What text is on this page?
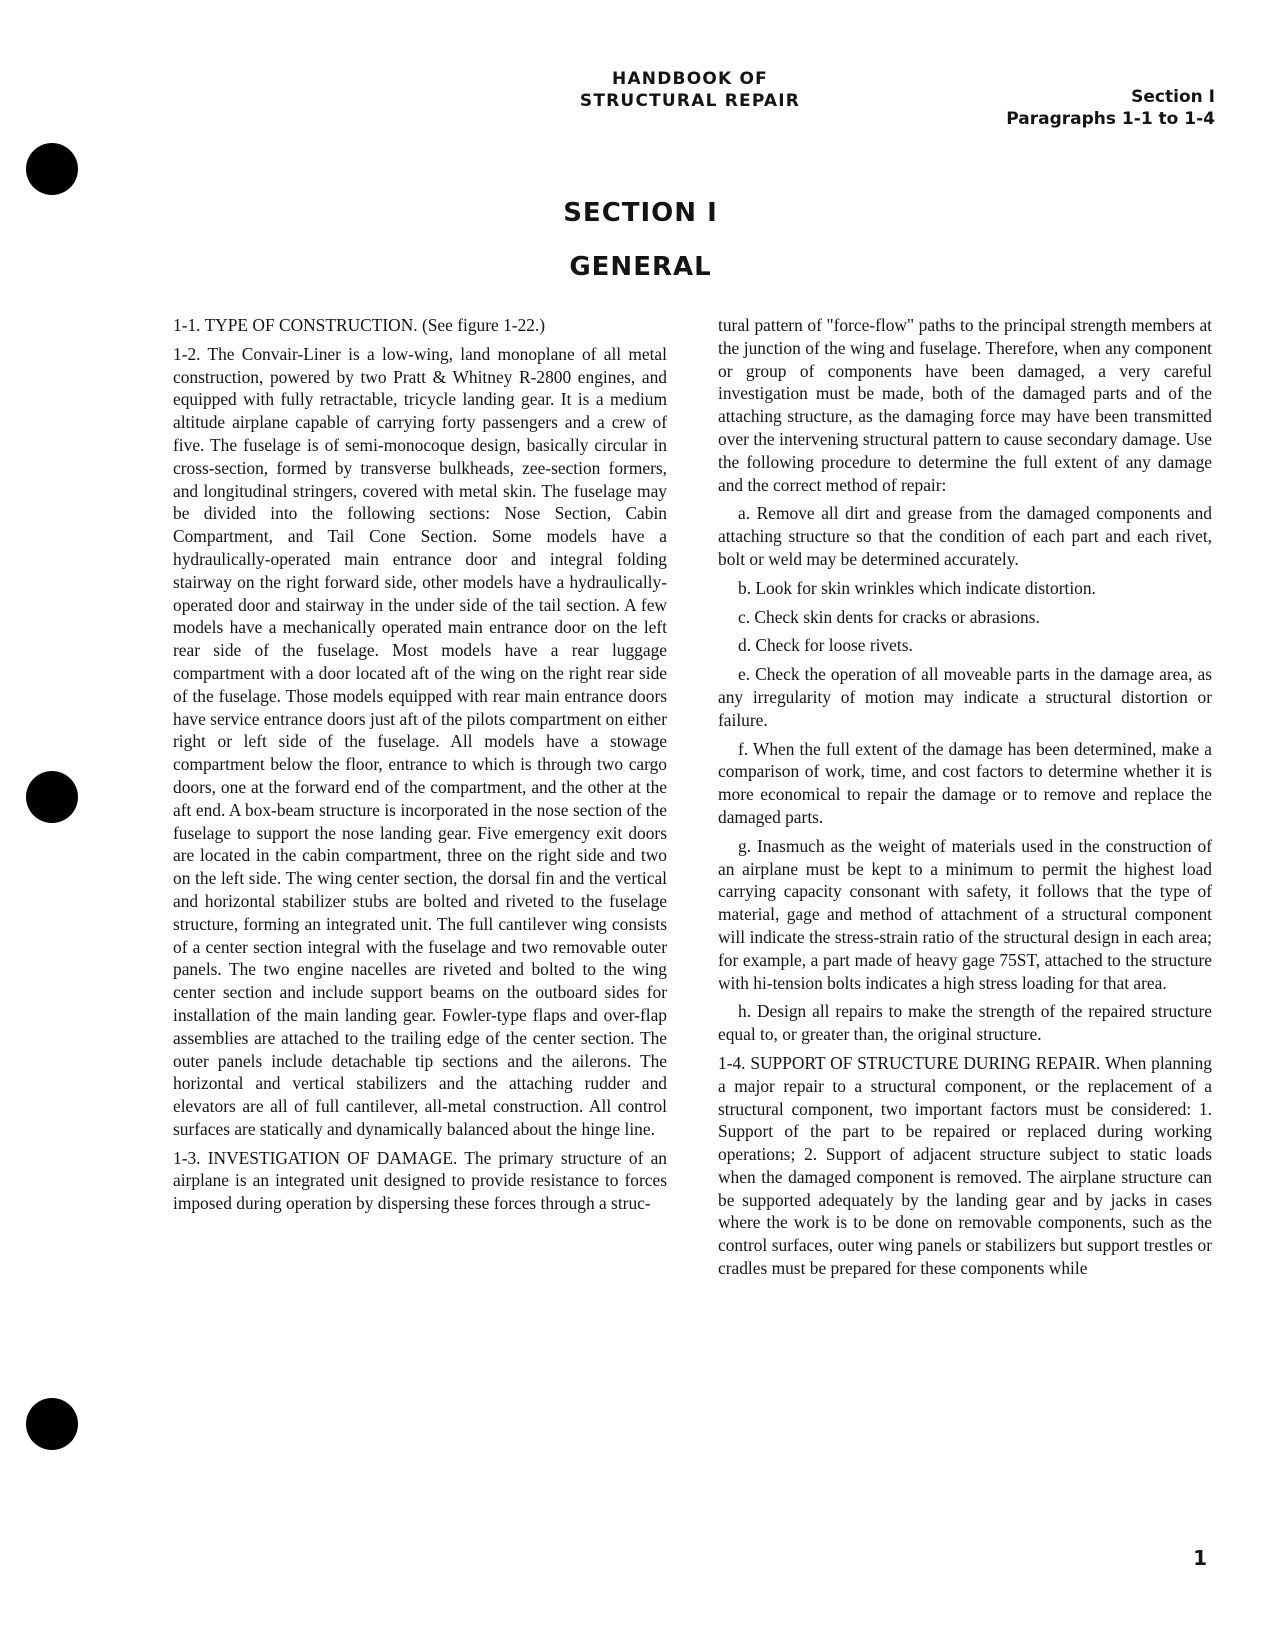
HANDBOOK OF
STRUCTURAL REPAIR	Section I
Paragraphs 1-1 to 1-4
SECTION I
GENERAL

1-1. TYPE OF CONSTRUCTION. (See figure 1-22.)

1-2. The Convair-Liner is a low-wing, land monoplane of all metal construction, powered by two Pratt & Whitney R-2800 engines, and equipped with fully retractable, tricycle landing gear. It is a medium altitude airplane capable of carrying forty passengers and a crew of five. The fuselage is of semi-monocoque design, basically circular in cross-section, formed by transverse bulkheads, zee-section formers, and longitudinal stringers, covered with metal skin. The fuselage may be divided into the following sections: Nose Section, Cabin Compartment, and Tail Cone Section. Some models have a hydraulically-operated main entrance door and integral folding stairway on the right forward side, other models have a hydraulically-operated door and stairway in the under side of the tail section. A few models have a mechanically operated main entrance door on the left rear side of the fuselage. Most models have a rear luggage compartment with a door located aft of the wing on the right rear side of the fuselage. Those models equipped with rear main entrance doors have service entrance doors just aft of the pilots compartment on either right or left side of the fuselage. All models have a stowage compartment below the floor, entrance to which is through two cargo doors, one at the forward end of the compartment, and the other at the aft end. A box-beam structure is incorporated in the nose section of the fuselage to support the nose landing gear. Five emergency exit doors are located in the cabin compartment, three on the right side and two on the left side. The wing center section, the dorsal fin and the vertical and horizontal stabilizer stubs are bolted and riveted to the fuselage structure, forming an integrated unit. The full cantilever wing consists of a center section integral with the fuselage and two removable outer panels. The two engine nacelles are riveted and bolted to the wing center section and include support beams on the outboard sides for installation of the main landing gear. Fowler-type flaps and over-flap assemblies are attached to the trailing edge of the center section. The outer panels include detachable tip sections and the ailerons. The horizontal and vertical stabilizers and the attaching rudder and elevators are all of full cantilever, all-metal construction. All control surfaces are statically and dynamically balanced about the hinge line.

1-3. INVESTIGATION OF DAMAGE. The primary structure of an airplane is an integrated unit designed to provide resistance to forces imposed during operation by dispersing these forces through a struc-

tural pattern of "force-flow" paths to the principal strength members at the junction of the wing and fuselage. Therefore, when any component or group of components have been damaged, a very careful investigation must be made, both of the damaged parts and of the attaching structure, as the damaging force may have been transmitted over the intervening structural pattern to cause secondary damage. Use the following procedure to determine the full extent of any damage and the correct method of repair:

a. Remove all dirt and grease from the damaged components and attaching structure so that the condition of each part and each rivet, bolt or weld may be determined accurately.

b. Look for skin wrinkles which indicate distortion.

c. Check skin dents for cracks or abrasions.

d. Check for loose rivets.

e. Check the operation of all moveable parts in the damage area, as any irregularity of motion may indicate a structural distortion or failure.

f. When the full extent of the damage has been determined, make a comparison of work, time, and cost factors to determine whether it is more economical to repair the damage or to remove and replace the damaged parts.

g. Inasmuch as the weight of materials used in the construction of an airplane must be kept to a minimum to permit the highest load carrying capacity consonant with safety, it follows that the type of material, gage and method of attachment of a structural component will indicate the stress-strain ratio of the structural design in each area; for example, a part made of heavy gage 75ST, attached to the structure with hi-tension bolts indicates a high stress loading for that area.

h. Design all repairs to make the strength of the repaired structure equal to, or greater than, the original structure.

1-4. SUPPORT OF STRUCTURE DURING REPAIR. When planning a major repair to a structural component, or the replacement of a structural component, two important factors must be considered: 1. Support of the part to be repaired or replaced during working operations; 2. Support of adjacent structure subject to static loads when the damaged component is removed. The airplane structure can be supported adequately by the landing gear and by jacks in cases where the work is to be done on removable components, such as the control surfaces, outer wing panels or stabilizers but support trestles or cradles must be prepared for these components while

1
